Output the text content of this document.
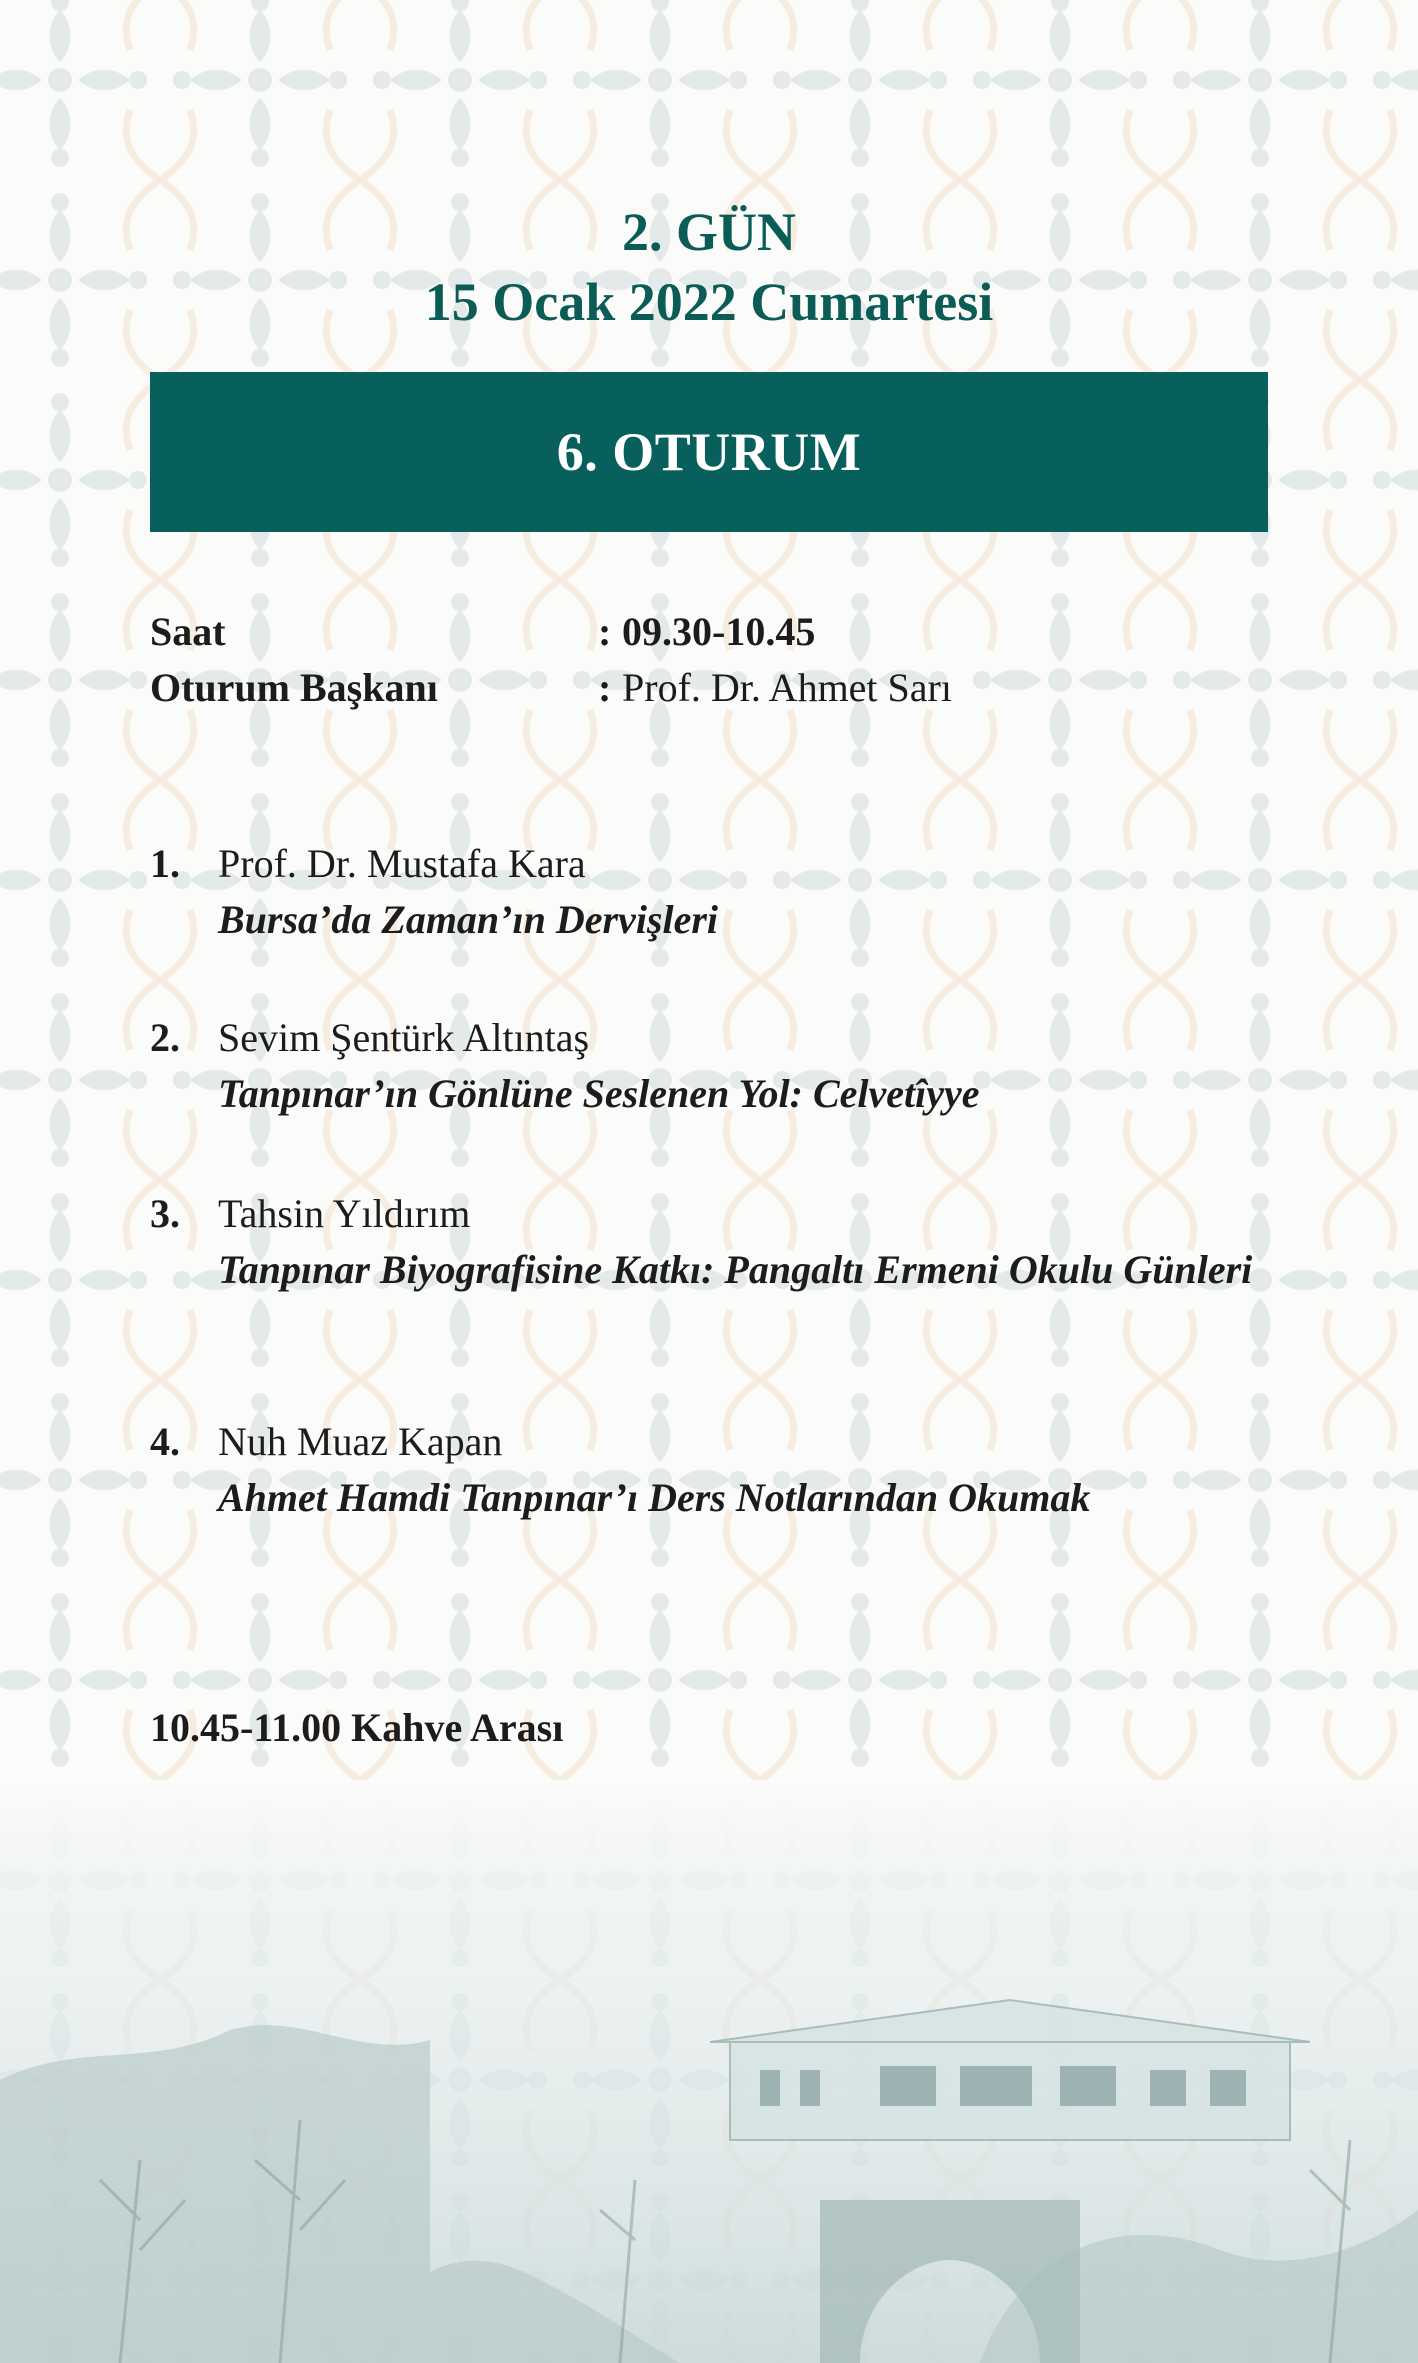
2. GÜN
15 Ocak 2022 Cumartesi
6. OTURUM
Saat	: 09.30-10.45
Oturum Başkanı	: Prof. Dr. Ahmet Sarı
1. Prof. Dr. Mustafa Kara
Bursa’da Zaman’ın Dervişleri
2. Sevim Şentürk Altıntaş
Tanpınar’ın Gönlüne Seslenen Yol: Celvetîyye
3. Tahsin Yıldırım
Tanpınar Biyografisine Katkı: Pangaltı Ermeni Okulu Günleri
4. Nuh Muaz Kapan
Ahmet Hamdi Tanpınar’ı Ders Notlarından Okumak
10.45-11.00 Kahve Arası
